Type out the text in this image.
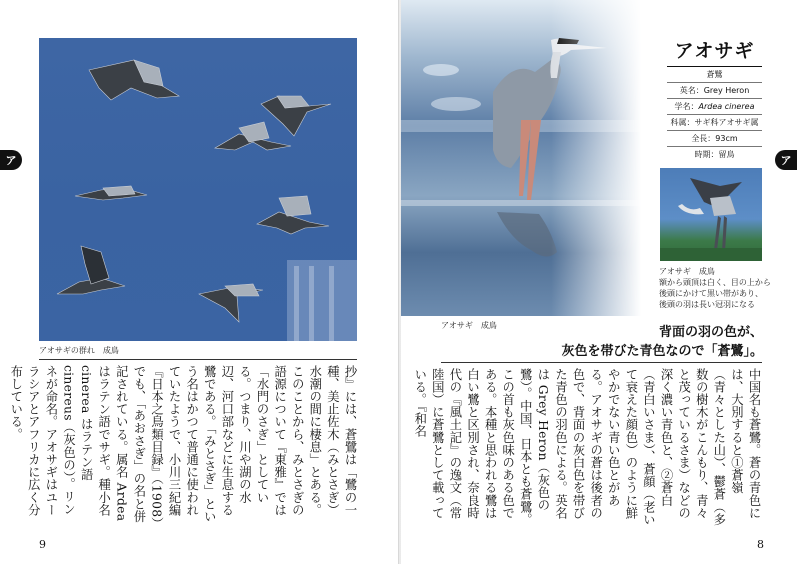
ア
アオサギの群れ　成鳥
抄』には、蒼鷺は「鷺の一種、美止佐木（みとさぎ）水潮の間に棲息」とある。このことから、みとさぎの語源について『東雅』では「水門のさぎ」としている。つまり、川や湖の水辺、河口部などに生息する鷺である。「みとさぎ」という名はかつて普通に使われていたようで、小川三紀編『日本之鳥類目録』（1908）でも、「あおさぎ」の名と併記されている。属名 Ardea はラテン語でサギ。種小名 cinerea はラテン語 cinereus（灰色の）。リンネが命名。アオサギはユーラシアとアフリカに広く分布している。
9
ア
アオサギ
蒼鷺
英名：Grey Heron
学名：Ardea cinerea
科属：サギ科アオサギ属
全長：93cm
時期：留鳥
アオサギ　成鳥
アオサギ　成鳥
額から頭頂は白く、目の上から
後頭にかけて黒い帯があり、
後頭の羽は長い冠羽になる
背面の羽の色が、
灰色を帯びた青色なので「蒼鷺」。
中国名も蒼鷺。蒼の青色には、大別すると①蒼嶺（青々とした山）、鬱蒼（多数の樹木がこんもり、青々と茂っているさま）などの深く濃い青色と、②蒼白（青白いさま）、蒼顔（老いて衰えた顔色）のように鮮やかでない青い色とがある。アオサギの蒼は後者の色で、背面の灰白色を帯びた青色の羽色による。英名は Grey Heron（灰色の鷺）。中国、日本とも蒼鷺。この首も灰色味のある色である。本種と思われる鷺は白い鷺と区別され、奈良時代の『風土記』の逸文（常陸国）に蒼鷺として載っている。『和名
8
